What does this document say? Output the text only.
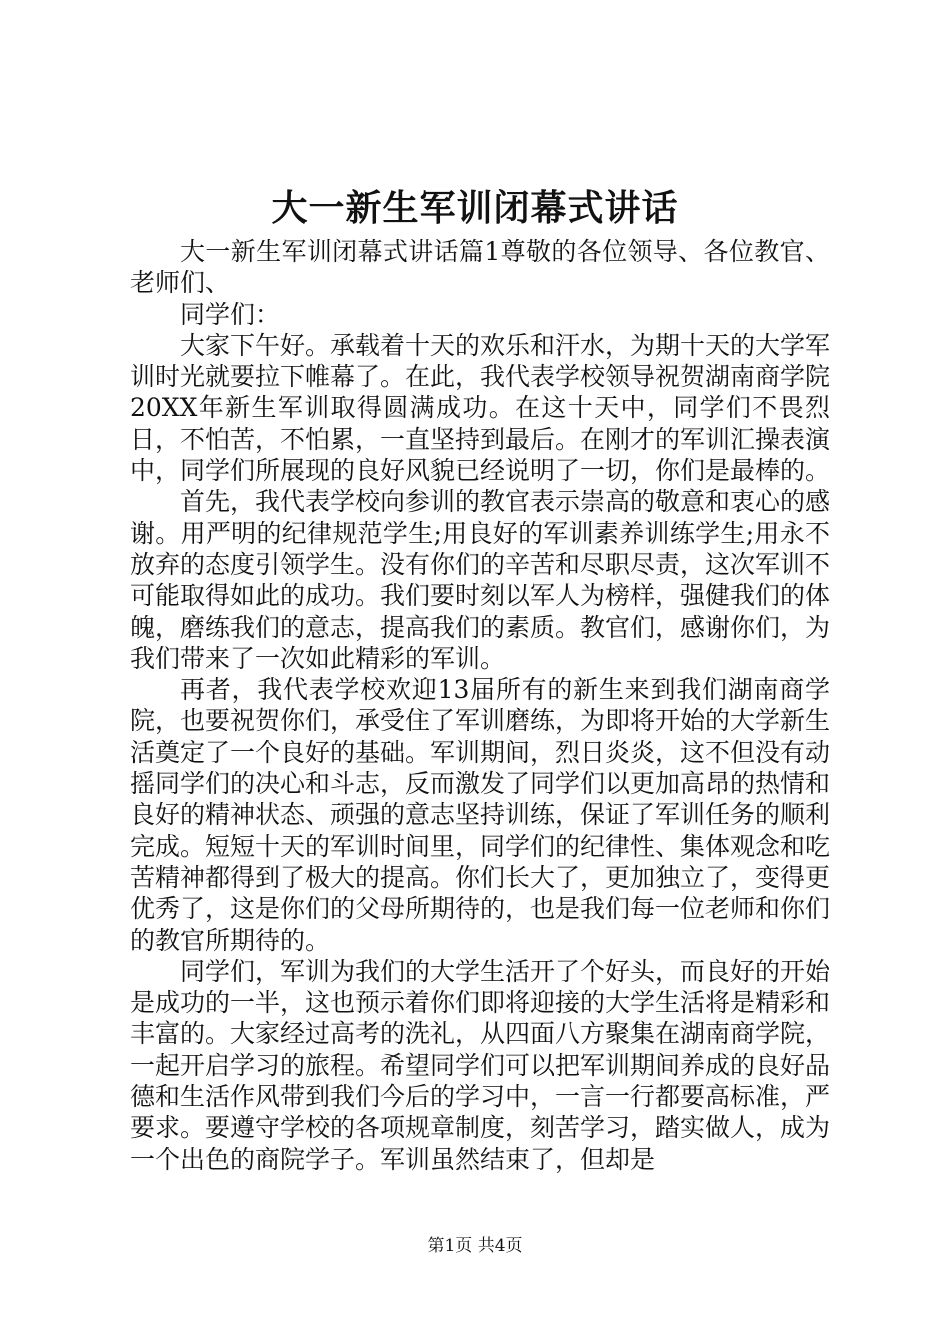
大一新生军训闭幕式讲话

大一新生军训闭幕式讲话篇1尊敬的各位领导、各位教官、老师们、

同学们：

大家下午好。承载着十天的欢乐和汗水，为期十天的大学军训时光就要拉下帷幕了。在此，我代表学校领导祝贺湖南商学院20XX年新生军训取得圆满成功。在这十天中，同学们不畏烈日，不怕苦，不怕累，一直坚持到最后。在刚才的军训汇操表演中，同学们所展现的良好风貌已经说明了一切，你们是最棒的。

首先，我代表学校向参训的教官表示崇高的敬意和衷心的感谢。用严明的纪律规范学生;用良好的军训素养训练学生;用永不放弃的态度引领学生。没有你们的辛苦和尽职尽责，这次军训不可能取得如此的成功。我们要时刻以军人为榜样，强健我们的体魄，磨练我们的意志，提高我们的素质。教官们，感谢你们，为我们带来了一次如此精彩的军训。

再者，我代表学校欢迎13届所有的新生来到我们湖南商学院，也要祝贺你们，承受住了军训磨练，为即将开始的大学新生活奠定了一个良好的基础。军训期间，烈日炎炎，这不但没有动摇同学们的决心和斗志，反而激发了同学们以更加高昂的热情和良好的精神状态、顽强的意志坚持训练，保证了军训任务的顺利完成。短短十天的军训时间里，同学们的纪律性、集体观念和吃苦精神都得到了极大的提高。你们长大了，更加独立了，变得更优秀了，这是你们的父母所期待的，也是我们每一位老师和你们的教官所期待的。

同学们，军训为我们的大学生活开了个好头，而良好的开始是成功的一半，这也预示着你们即将迎接的大学生活将是精彩和丰富的。大家经过高考的洗礼，从四面八方聚集在湖南商学院，一起开启学习的旅程。希望同学们可以把军训期间养成的良好品德和生活作风带到我们今后的学习中，一言一行都要高标准，严要求。要遵守学校的各项规章制度，刻苦学习，踏实做人，成为一个出色的商院学子。军训虽然结束了，但却是

第1页 共4页
